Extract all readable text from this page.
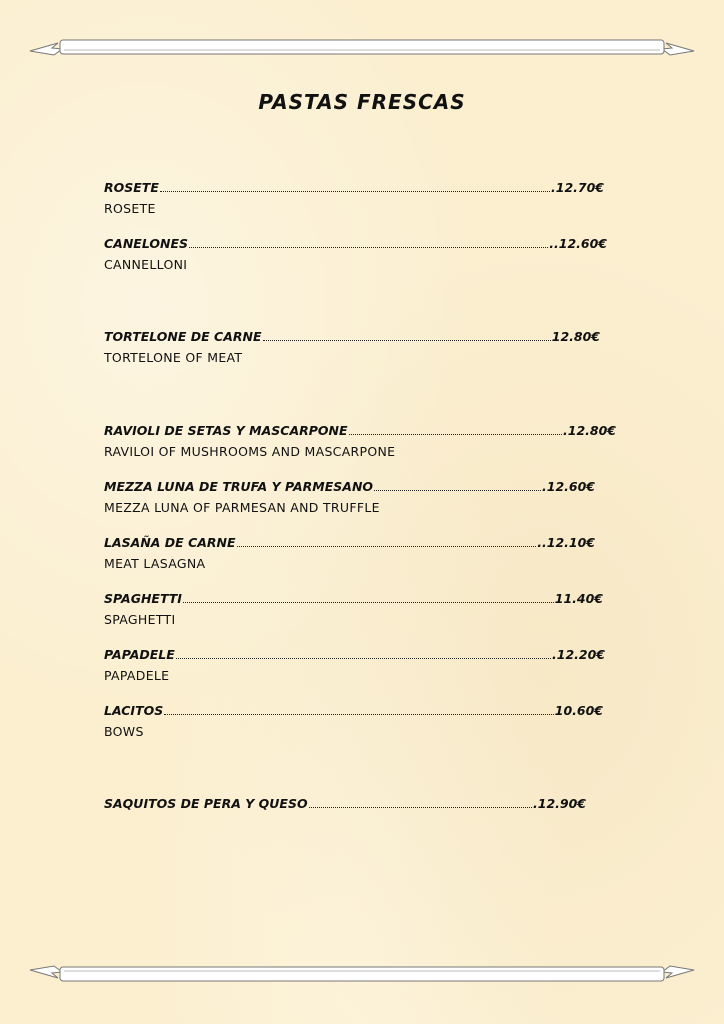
PASTAS FRESCAS
ROSETE	.12.70€
ROSETE
CANELONES	..12.60€
CANNELLONI
TORTELONE DE CARNE	12.80€
TORTELONE OF MEAT
RAVIOLI DE SETAS Y MASCARPONE	.12.80€
RAVILOI OF MUSHROOMS AND MASCARPONE
MEZZA LUNA DE TRUFA Y PARMESANO	.12.60€
MEZZA LUNA OF PARMESAN AND TRUFFLE
LASAÑA DE CARNE	..12.10€
MEAT LASAGNA
SPAGHETTI	11.40€
SPAGHETTI
PAPADELE	.12.20€
PAPADELE
LACITOS	10.60€
BOWS
SAQUITOS DE PERA Y QUESO	.12.90€
